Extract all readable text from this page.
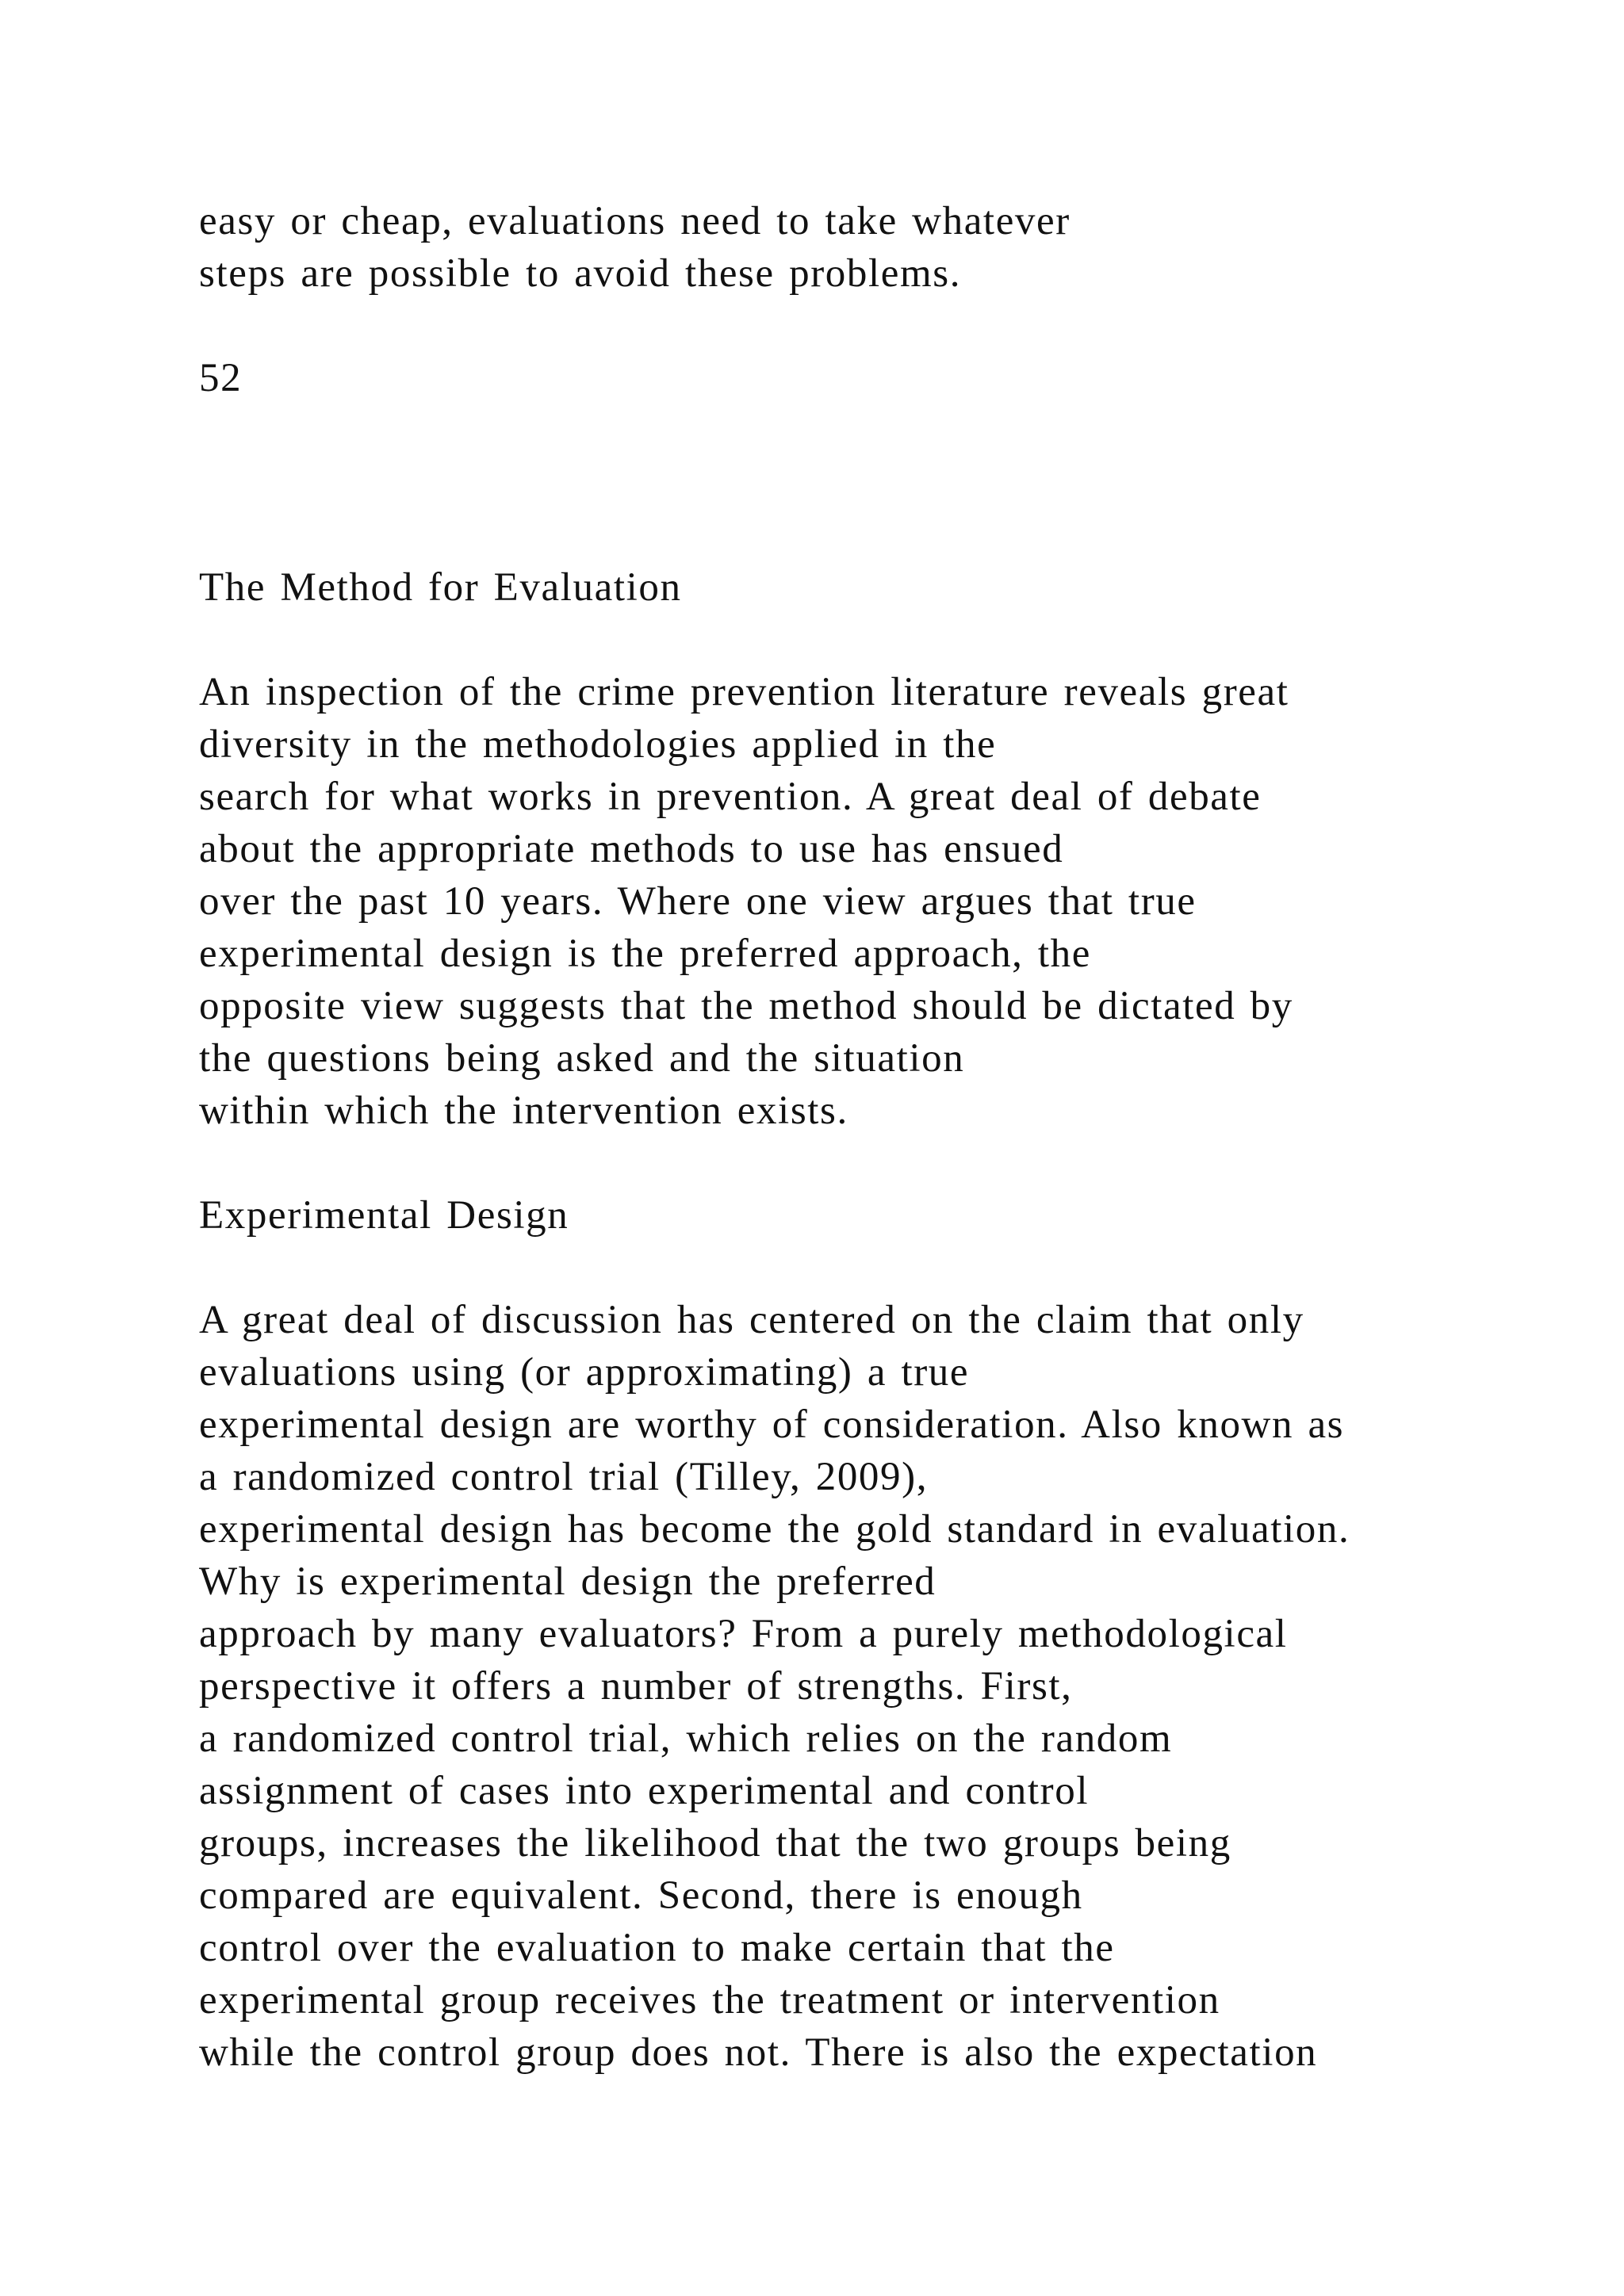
easy or cheap, evaluations need to take whatever
steps are possible to avoid these problems.
52
The Method for Evaluation
An inspection of the crime prevention literature reveals great
diversity in the methodologies applied in the
search for what works in prevention. A great deal of debate
about the appropriate methods to use has ensued
over the past 10 years. Where one view argues that true
experimental design is the preferred approach, the
opposite view suggests that the method should be dictated by
the questions being asked and the situation
within which the intervention exists.
Experimental Design
A great deal of discussion has centered on the claim that only
evaluations using (or approximating) a true
experimental design are worthy of consideration. Also known as
a randomized control trial (Tilley, 2009),
experimental design has become the gold standard in evaluation.
Why is experimental design the preferred
approach by many evaluators? From a purely methodological
perspective it offers a number of strengths. First,
a randomized control trial, which relies on the random
assignment of cases into experimental and control
groups, increases the likelihood that the two groups being
compared are equivalent. Second, there is enough
control over the evaluation to make certain that the
experimental group receives the treatment or intervention
while the control group does not. There is also the expectation
